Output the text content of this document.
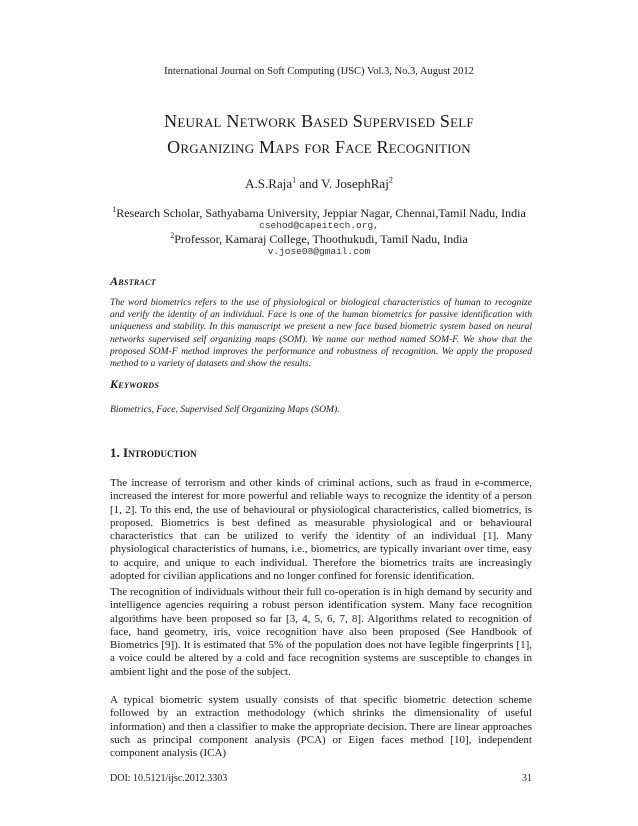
International Journal on Soft Computing (IJSC) Vol.3, No.3, August 2012
Neural Network Based Supervised Self
Organizing Maps for Face Recognition
A.S.Raja$^1$ and V. JosephRaj$^2$
$^1$Research Scholar, Sathyabama University, Jeppiar Nagar, Chennai,Tamil Nadu, India
csehod@capeitech.org,
$^2$Professor, Kamaraj College, Thoothukudi, Tamil Nadu, India
v.jose08@gmail.com
Abstract
The word biometrics refers to the use of physiological or biological characteristics of human to recognize and verify the identity of an individual. Face is one of the human biometrics for passive identification with uniqueness and stability. In this manuscript we present a new face based biometric system based on neural networks supervised self organizing maps (SOM). We name our method named SOM-F. We show that the proposed SOM-F method improves the performance and robustness of recognition. We apply the proposed method to a variety of datasets and show the results.
Keywords
Biometrics, Face, Supervised Self Organizing Maps (SOM).
1. Introduction
The increase of terrorism and other kinds of criminal actions, such as fraud in e-commerce, increased the interest for more powerful and reliable ways to recognize the identity of a person [1, 2]. To this end, the use of behavioural or physiological characteristics, called biometrics, is proposed. Biometrics is best defined as measurable physiological and or behavioural characteristics that can be utilized to verify the identity of an individual [1]. Many physiological characteristics of humans, i.e., biometrics, are typically invariant over time, easy to acquire, and unique to each individual. Therefore the biometrics traits are increasingly adopted for civilian applications and no longer confined for forensic identification.
The recognition of individuals without their full co-operation is in high demand by security and intelligence agencies requiring a robust person identification system. Many face recognition algorithms have been proposed so far [3, 4, 5, 6, 7, 8]. Algorithms related to recognition of face, hand geometry, iris, voice recognition have also been proposed (See Handbook of Biometrics [9]). It is estimated that 5% of the population does not have legible fingerprints [1], a voice could be altered by a cold and face recognition systems are susceptible to changes in ambient light and the pose of the subject.
A typical biometric system usually consists of that specific biometric detection scheme followed by an extraction methodology (which shrinks the dimensionality of useful information) and then a classifier to make the appropriate decision. There are linear approaches such as principal component analysis (PCA) or Eigen faces method [10], independent component analysis (ICA)
DOI: 10.5121/ijsc.2012.3303	31
